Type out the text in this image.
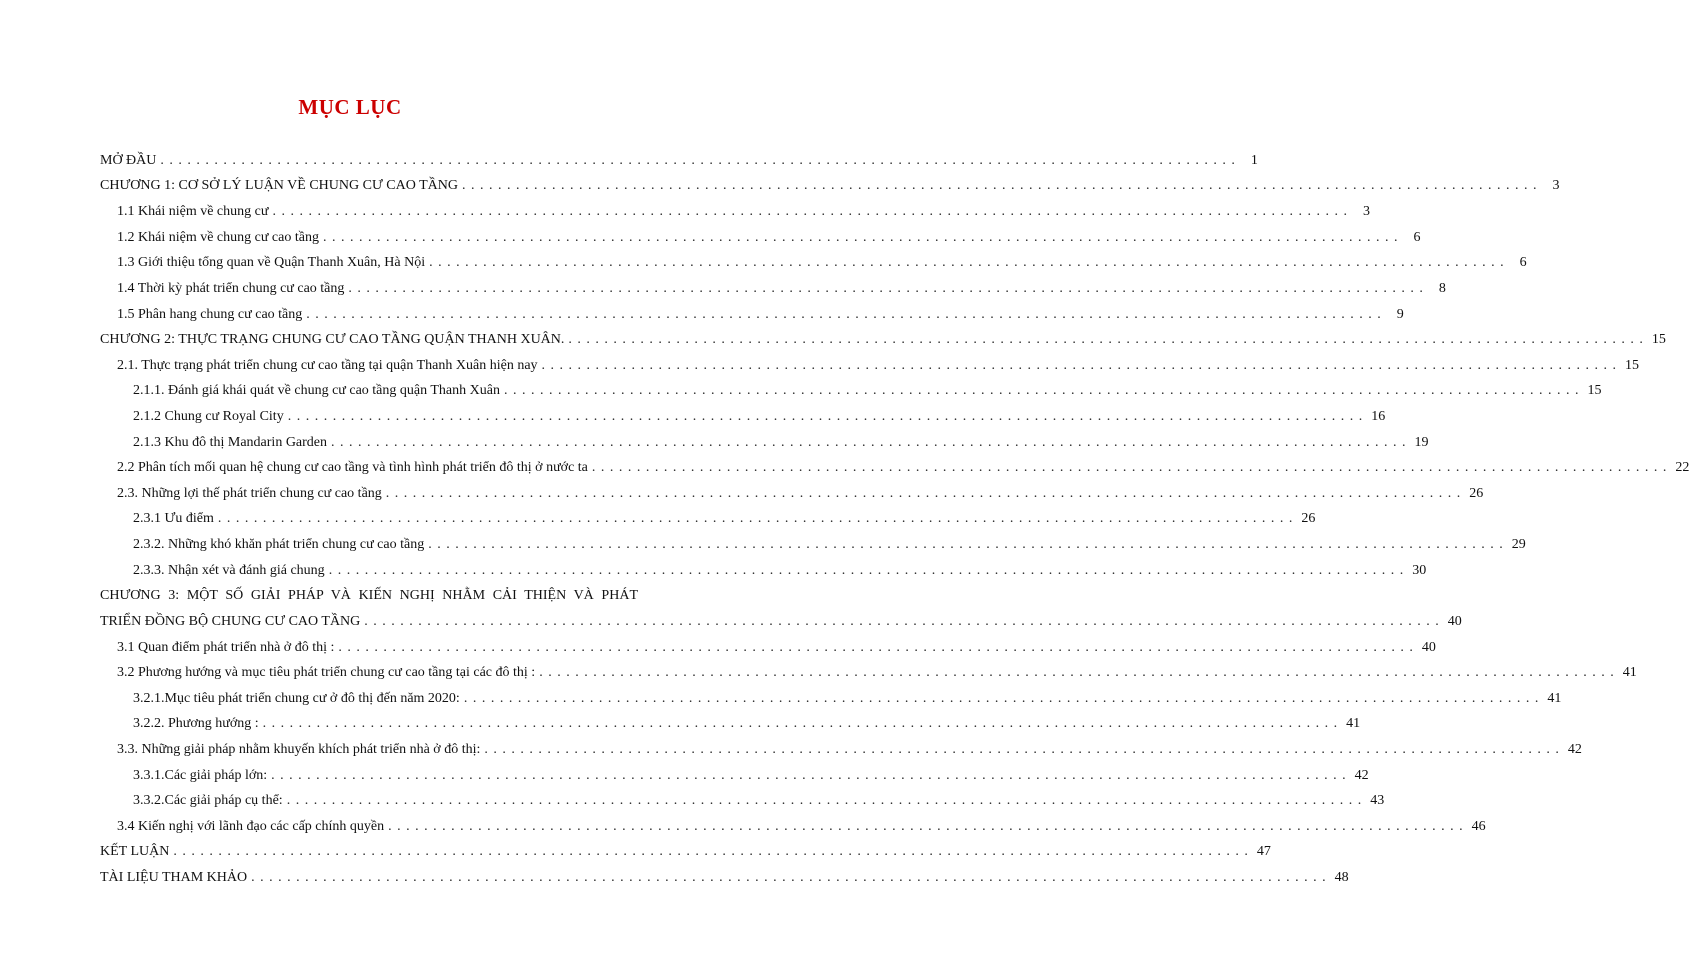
MỤC LỤC
MỞ ĐẦU . . . . . . . . . . . . . . . . . . . . . . . . . . . . . . . . . . . . . . . . . . . . . . . . . . . . . . . . . . . . . . . . . . . . . . . . . . . . . . . . . . . . . . . . . . . . . . . . . . . . . . . . . . . . . . . . . . . . . . . .	1
CHƯƠNG 1: CƠ SỞ LÝ LUẬN VỀ CHUNG CƯ CAO TẦNG . . . . . . . . . . . . . . . . . . . . . . . . . . . . . . . . . . . . . . . . . . . . . . . . . . . . . . . . . . . . . . . . . . . . . . . . . . . . . . . . . . . . . . . . . . . . . . . . . . . . . . . . . . . . . . . . . . . . . . . .	3
1.1 Khái niệm về chung cư . . . . . . . . . . . . . . . . . . . . . . . . . . . . . . . . . . . . . . . . . . . . . . . . . . . . . . . . . . . . . . . . . . . . . . . . . . . . . . . . . . . . . . . . . . . . . . . . . . . . . . . . . . . . . . . . . . . . . . . .	3
1.2 Khái niệm về chung cư cao tầng . . . . . . . . . . . . . . . . . . . . . . . . . . . . . . . . . . . . . . . . . . . . . . . . . . . . . . . . . . . . . . . . . . . . . . . . . . . . . . . . . . . . . . . . . . . . . . . . . . . . . . . . . . . . . . . . . . . . . . . .	6
1.3 Giới thiệu tổng quan về Quận Thanh Xuân, Hà Nội . . . . . . . . . . . . . . . . . . . . . . . . . . . . . . . . . . . . . . . . . . . . . . . . . . . . . . . . . . . . . . . . . . . . . . . . . . . . . . . . . . . . . . . . . . . . . . . . . . . . . . . . . . . . . . . . . . . . . . . .	6
1.4 Thời kỳ phát triển chung cư cao tầng . . . . . . . . . . . . . . . . . . . . . . . . . . . . . . . . . . . . . . . . . . . . . . . . . . . . . . . . . . . . . . . . . . . . . . . . . . . . . . . . . . . . . . . . . . . . . . . . . . . . . . . . . . . . . . . . . . . . . . . .	8
1.5 Phân hang chung cư cao tầng . . . . . . . . . . . . . . . . . . . . . . . . . . . . . . . . . . . . . . . . . . . . . . . . . . . . . . . . . . . . . . . . . . . . . . . . . . . . . . . . . . . . . . . . . . . . . . . . . . . . . . . . . . . . . . . . . . . . . . . .	9
CHƯƠNG 2: THỰC TRẠNG CHUNG CƯ CAO TẦNG QUẬN THANH XUÂN. . . . . . . . . . . . . . . . . . . . . . . . . . . . . . . . . . . . . . . . . . . . . . . . . . . . . . . . . . . . . . . . . . . . . . . . . . . . . . . . . . . . . . . . . . . . . . . . . . . . . . . . . . . . . . . . . . . . . . . . . 15
2.1. Thực trạng phát triển chung cư cao tầng tại quận Thanh Xuân hiện nay . . . . . . . . . . . . . . . . . . . . . . . . . . . . . . . . . . . . . . . . . . . . . . . . . . . . . . . . . . . . . . . . . . . . . . . . . . . . . . . . . . . . . . . . . . . . . . . . . . . . . . . . . . . . . . . . . . . . . . . . 15
2.1.1. Đánh giá khái quát về chung cư cao tầng quận Thanh Xuân . . . . . . . . . . . . . . . . . . . . . . . . . . . . . . . . . . . . . . . . . . . . . . . . . . . . . . . . . . . . . . . . . . . . . . . . . . . . . . . . . . . . . . . . . . . . . . . . . . . . . . . . . . . . . . . . . . . . . . . . 15
2.1.2 Chung cư Royal City . . . . . . . . . . . . . . . . . . . . . . . . . . . . . . . . . . . . . . . . . . . . . . . . . . . . . . . . . . . . . . . . . . . . . . . . . . . . . . . . . . . . . . . . . . . . . . . . . . . . . . . . . . . . . . . . . . . . . . . . 16
2.1.3 Khu đô thị Mandarin Garden . . . . . . . . . . . . . . . . . . . . . . . . . . . . . . . . . . . . . . . . . . . . . . . . . . . . . . . . . . . . . . . . . . . . . . . . . . . . . . . . . . . . . . . . . . . . . . . . . . . . . . . . . . . . . . . . . . . . . . . . 19
2.2 Phân tích mối quan hệ chung cư cao tầng và tình hình phát triển đô thị ở nước ta . . . . . . . . . . . . . . . . . . . . . . . . . . . . . . . . . . . . . . . . . . . . . . . . . . . . . . . . . . . . . . . . . . . . . . . . . . . . . . . . . . . . . . . . . . . . . . . . . . . . . . . . . . . . . . . . . . . . . . . . 22
2.3. Những lợi thế phát triển chung cư cao tầng . . . . . . . . . . . . . . . . . . . . . . . . . . . . . . . . . . . . . . . . . . . . . . . . . . . . . . . . . . . . . . . . . . . . . . . . . . . . . . . . . . . . . . . . . . . . . . . . . . . . . . . . . . . . . . . . . . . . . . . . 26
2.3.1 Ưu điểm . . . . . . . . . . . . . . . . . . . . . . . . . . . . . . . . . . . . . . . . . . . . . . . . . . . . . . . . . . . . . . . . . . . . . . . . . . . . . . . . . . . . . . . . . . . . . . . . . . . . . . . . . . . . . . . . . . . . . . . . 26
2.3.2. Những khó khăn phát triển chung cư cao tầng . . . . . . . . . . . . . . . . . . . . . . . . . . . . . . . . . . . . . . . . . . . . . . . . . . . . . . . . . . . . . . . . . . . . . . . . . . . . . . . . . . . . . . . . . . . . . . . . . . . . . . . . . . . . . . . . . . . . . . . . 29
2.3.3. Nhận xét và đánh giá chung . . . . . . . . . . . . . . . . . . . . . . . . . . . . . . . . . . . . . . . . . . . . . . . . . . . . . . . . . . . . . . . . . . . . . . . . . . . . . . . . . . . . . . . . . . . . . . . . . . . . . . . . . . . . . . . . . . . . . . . . 30
CHƯƠNG 3: MỘT SỐ GIẢI PHÁP VÀ KIẾN NGHỊ NHẰM CẢI THIỆN VÀ PHÁT
TRIỂN ĐỒNG BỘ CHUNG CƯ CAO TẦNG . . . . . . . . . . . . . . . . . . . . . . . . . . . . . . . . . . . . . . . . . . . . . . . . . . . . . . . . . . . . . . . . . . . . . . . . . . . . . . . . . . . . . . . . . . . . . . . . . . . . . . . . . . . . . . . . . . . . . . . . 40
3.1 Quan điểm phát triển nhà ở đô thị : . . . . . . . . . . . . . . . . . . . . . . . . . . . . . . . . . . . . . . . . . . . . . . . . . . . . . . . . . . . . . . . . . . . . . . . . . . . . . . . . . . . . . . . . . . . . . . . . . . . . . . . . . . . . . . . . . . . . . . . . 40
3.2 Phương hướng và mục tiêu phát triển chung cư cao tầng tại các đô thị : . . . . . . . . . . . . . . . . . . . . . . . . . . . . . . . . . . . . . . . . . . . . . . . . . . . . . . . . . . . . . . . . . . . . . . . . . . . . . . . . . . . . . . . . . . . . . . . . . . . . . . . . . . . . . . . . . . . . . . . . 41
3.2.1.Mục tiêu phát triển chung cư ở đô thị đến năm 2020: . . . . . . . . . . . . . . . . . . . . . . . . . . . . . . . . . . . . . . . . . . . . . . . . . . . . . . . . . . . . . . . . . . . . . . . . . . . . . . . . . . . . . . . . . . . . . . . . . . . . . . . . . . . . . . . . . . . . . . . . 41
3.2.2. Phương hướng : . . . . . . . . . . . . . . . . . . . . . . . . . . . . . . . . . . . . . . . . . . . . . . . . . . . . . . . . . . . . . . . . . . . . . . . . . . . . . . . . . . . . . . . . . . . . . . . . . . . . . . . . . . . . . . . . . . . . . . . . 41
3.3. Những giải pháp nhằm khuyến khích phát triển nhà ở đô thị: . . . . . . . . . . . . . . . . . . . . . . . . . . . . . . . . . . . . . . . . . . . . . . . . . . . . . . . . . . . . . . . . . . . . . . . . . . . . . . . . . . . . . . . . . . . . . . . . . . . . . . . . . . . . . . . . . . . . . . . . 42
3.3.1.Các giải pháp lớn: . . . . . . . . . . . . . . . . . . . . . . . . . . . . . . . . . . . . . . . . . . . . . . . . . . . . . . . . . . . . . . . . . . . . . . . . . . . . . . . . . . . . . . . . . . . . . . . . . . . . . . . . . . . . . . . . . . . . . . . . 42
3.3.2.Các giải pháp cụ thể: . . . . . . . . . . . . . . . . . . . . . . . . . . . . . . . . . . . . . . . . . . . . . . . . . . . . . . . . . . . . . . . . . . . . . . . . . . . . . . . . . . . . . . . . . . . . . . . . . . . . . . . . . . . . . . . . . . . . . . . . 43
3.4 Kiến nghị với lãnh đạo các cấp chính quyền . . . . . . . . . . . . . . . . . . . . . . . . . . . . . . . . . . . . . . . . . . . . . . . . . . . . . . . . . . . . . . . . . . . . . . . . . . . . . . . . . . . . . . . . . . . . . . . . . . . . . . . . . . . . . . . . . . . . . . . . 46
KẾT LUẬN . . . . . . . . . . . . . . . . . . . . . . . . . . . . . . . . . . . . . . . . . . . . . . . . . . . . . . . . . . . . . . . . . . . . . . . . . . . . . . . . . . . . . . . . . . . . . . . . . . . . . . . . . . . . . . . . . . . . . . . . 47
TÀI LIỆU THAM KHẢO . . . . . . . . . . . . . . . . . . . . . . . . . . . . . . . . . . . . . . . . . . . . . . . . . . . . . . . . . . . . . . . . . . . . . . . . . . . . . . . . . . . . . . . . . . . . . . . . . . . . . . . . . . . . . . . . . . . . . . . . 48
